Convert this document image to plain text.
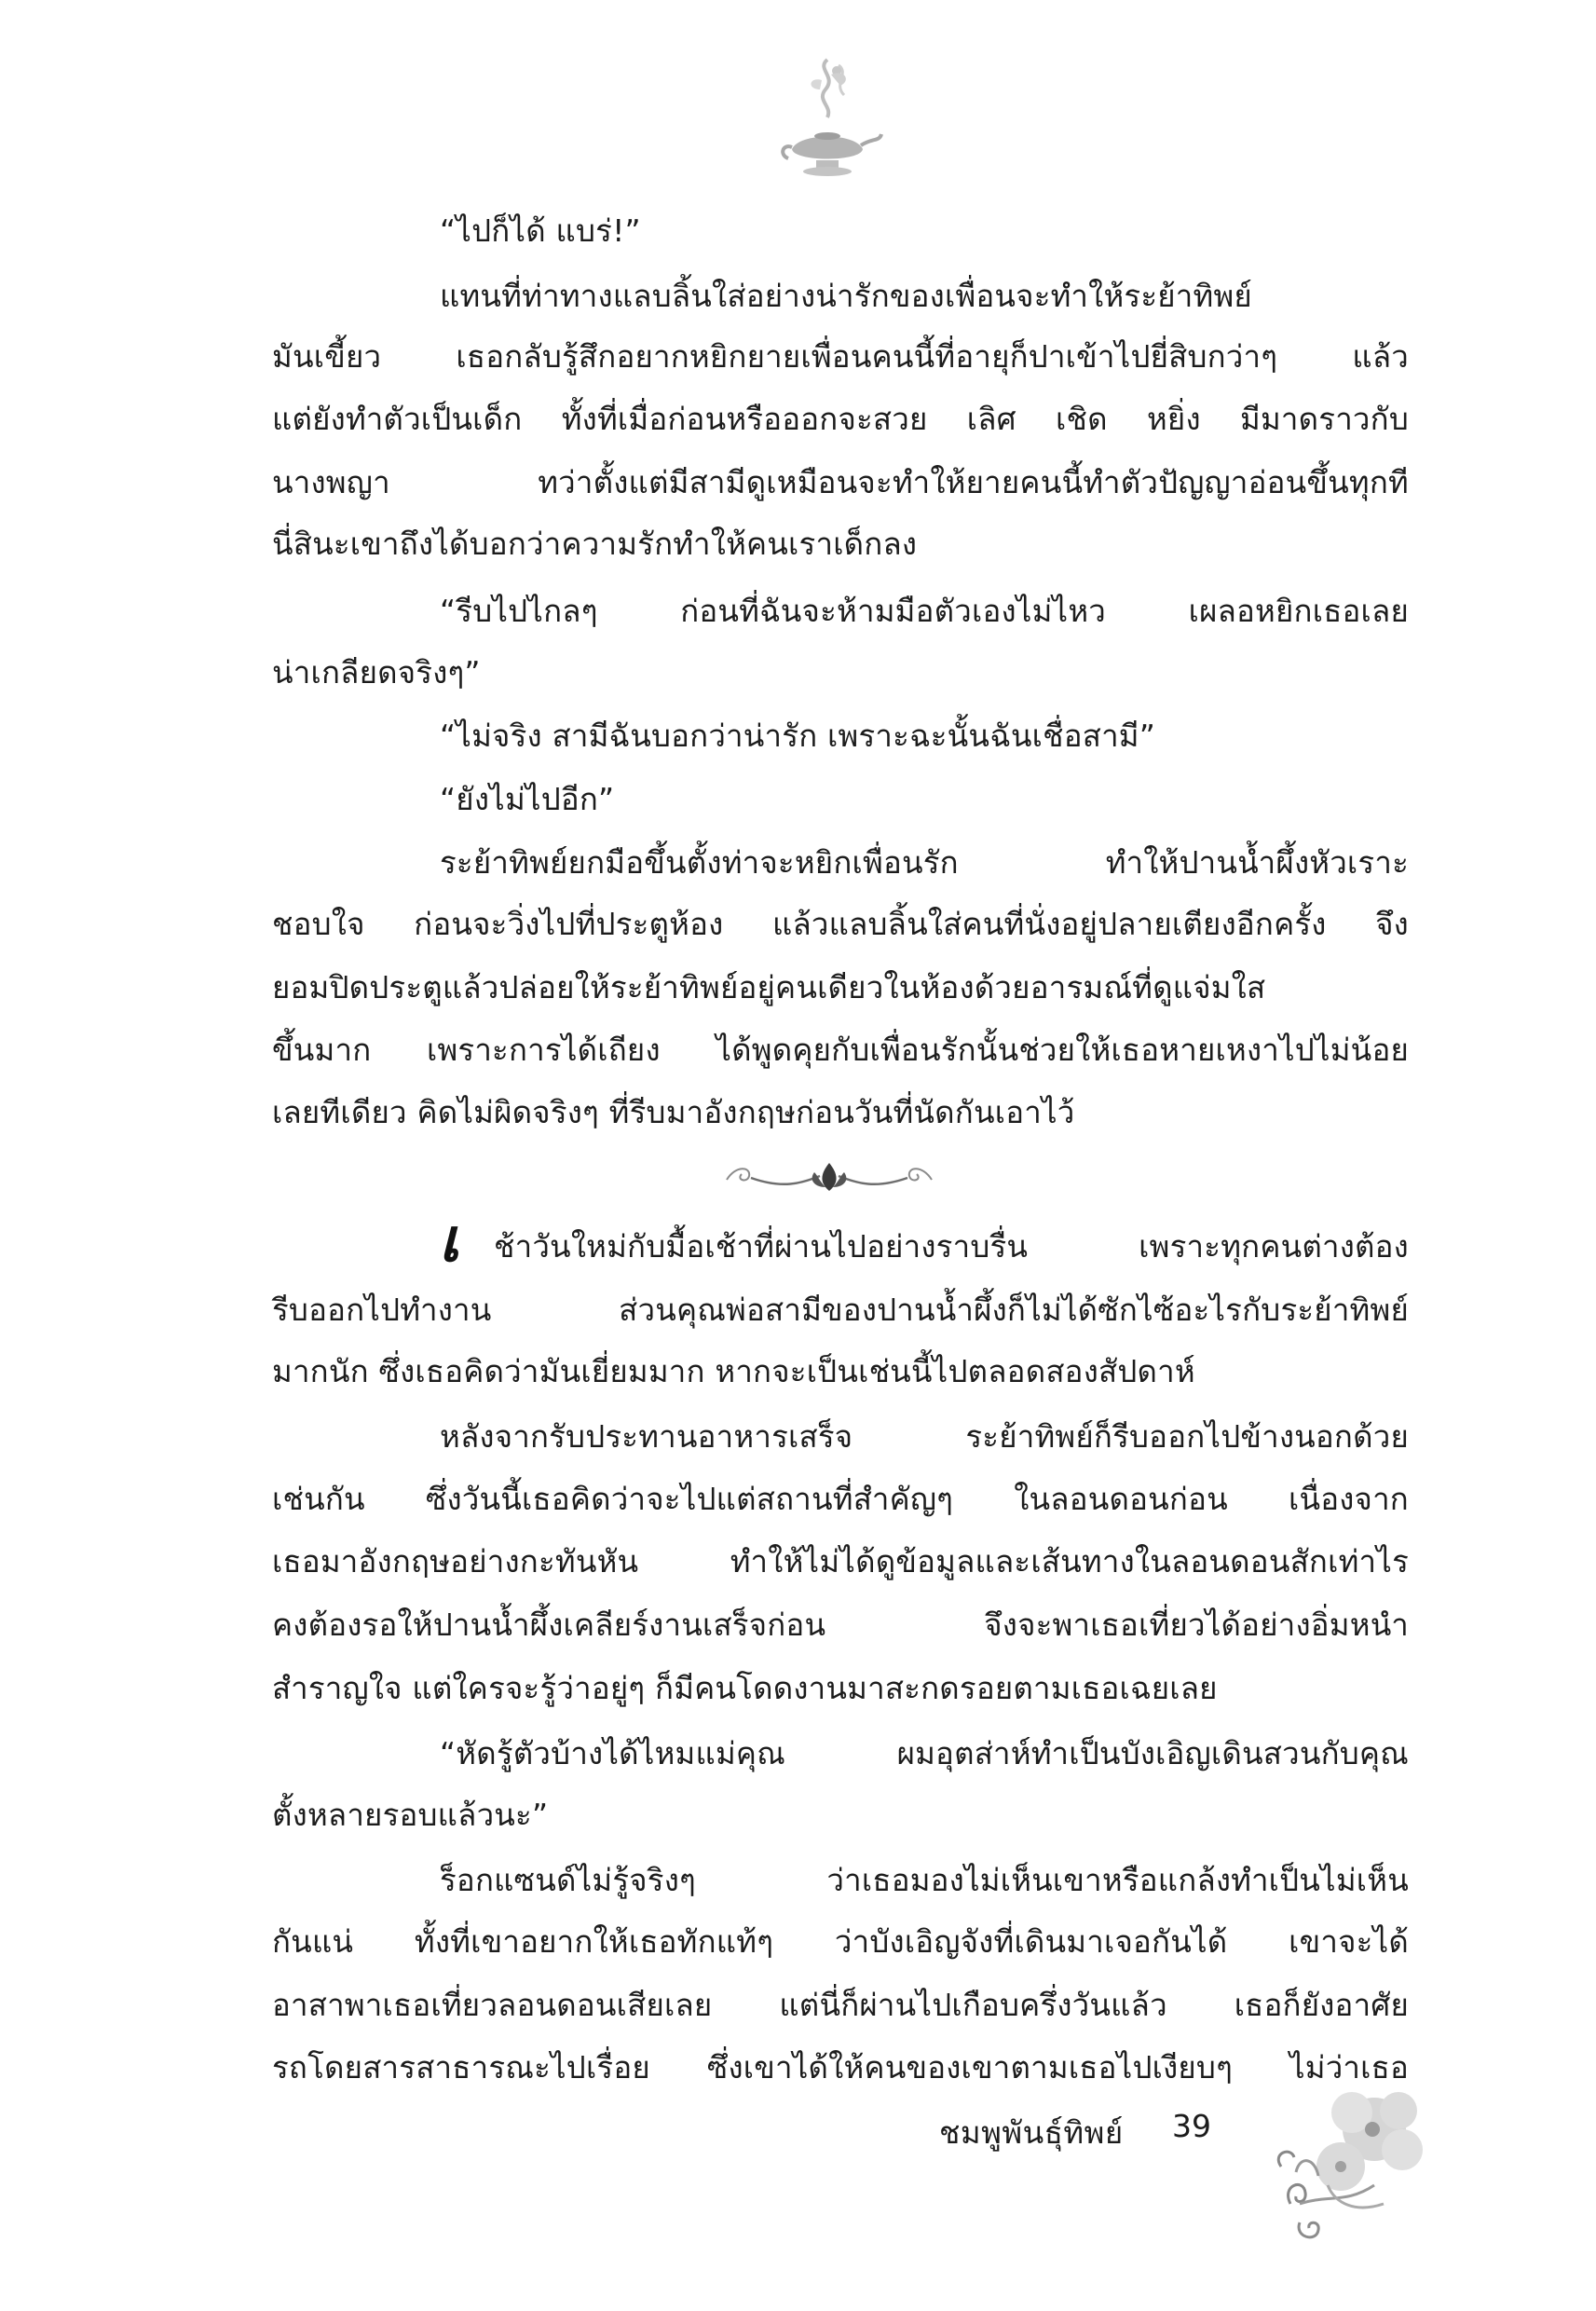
“ไปก็ได้ แบร่!”
แทนที่ท่าทางแลบลิ้นใส่อย่างน่ารักของเพื่อนจะทำให้ระย้าทิพย์
มันเขี้ยว เธอกลับรู้สึกอยากหยิกยายเพื่อนคนนี้ที่อายุก็ปาเข้าไปยี่สิบกว่าๆ แล้ว
แต่ยังทำตัวเป็นเด็ก ทั้งที่เมื่อก่อนหรือออกจะสวย เลิศ เชิด หยิ่ง มีมาดราวกับ
นางพญา ทว่าตั้งแต่มีสามีดูเหมือนจะทำให้ยายคนนี้ทำตัวปัญญาอ่อนขึ้นทุกที
นี่สินะเขาถึงได้บอกว่าความรักทำให้คนเราเด็กลง
“รีบไปไกลๆ ก่อนที่ฉันจะห้ามมือตัวเองไม่ไหว เผลอหยิกเธอเลย
น่าเกลียดจริงๆ”
“ไม่จริง สามีฉันบอกว่าน่ารัก เพราะฉะนั้นฉันเชื่อสามี”
“ยังไม่ไปอีก”
ระย้าทิพย์ยกมือขึ้นตั้งท่าจะหยิกเพื่อนรัก ทำให้ปานน้ำผึ้งหัวเราะ
ชอบใจ ก่อนจะวิ่งไปที่ประตูห้อง แล้วแลบลิ้นใส่คนที่นั่งอยู่ปลายเตียงอีกครั้ง จึง
ยอมปิดประตูแล้วปล่อยให้ระย้าทิพย์อยู่คนเดียวในห้องด้วยอารมณ์ที่ดูแจ่มใส
ขึ้นมาก เพราะการได้เถียง ได้พูดคุยกับเพื่อนรักนั้นช่วยให้เธอหายเหงาไปไม่น้อย
เลยทีเดียว คิดไม่ผิดจริงๆ ที่รีบมาอังกฤษก่อนวันที่นัดกันเอาไว้
เ ช้าวันใหม่กับมื้อเช้าที่ผ่านไปอย่างราบรื่น เพราะทุกคนต่างต้อง
รีบออกไปทำงาน ส่วนคุณพ่อสามีของปานน้ำผึ้งก็ไม่ได้ซักไซ้อะไรกับระย้าทิพย์
มากนัก ซึ่งเธอคิดว่ามันเยี่ยมมาก หากจะเป็นเช่นนี้ไปตลอดสองสัปดาห์
หลังจากรับประทานอาหารเสร็จ ระย้าทิพย์ก็รีบออกไปข้างนอกด้วย
เช่นกัน ซึ่งวันนี้เธอคิดว่าจะไปแต่สถานที่สำคัญๆ ในลอนดอนก่อน เนื่องจาก
เธอมาอังกฤษอย่างกะทันหัน ทำให้ไม่ได้ดูข้อมูลและเส้นทางในลอนดอนสักเท่าไร
คงต้องรอให้ปานน้ำผึ้งเคลียร์งานเสร็จก่อน จึงจะพาเธอเที่ยวได้อย่างอิ่มหนำ
สำราญใจ แต่ใครจะรู้ว่าอยู่ๆ ก็มีคนโดดงานมาสะกดรอยตามเธอเฉยเลย
“หัดรู้ตัวบ้างได้ไหมแม่คุณ ผมอุตส่าห์ทำเป็นบังเอิญเดินสวนกับคุณ
ตั้งหลายรอบแล้วนะ”
ร็อกแซนด์ไม่รู้จริงๆ ว่าเธอมองไม่เห็นเขาหรือแกล้งทำเป็นไม่เห็น
กันแน่ ทั้งที่เขาอยากให้เธอทักแท้ๆ ว่าบังเอิญจังที่เดินมาเจอกันได้ เขาจะได้
อาสาพาเธอเที่ยวลอนดอนเสียเลย แต่นี่ก็ผ่านไปเกือบครึ่งวันแล้ว เธอก็ยังอาศัย
รถโดยสารสาธารณะไปเรื่อย ซึ่งเขาได้ให้คนของเขาตามเธอไปเงียบๆ ไม่ว่าเธอ
ชมพูพันธุ์ทิพย์ 39
